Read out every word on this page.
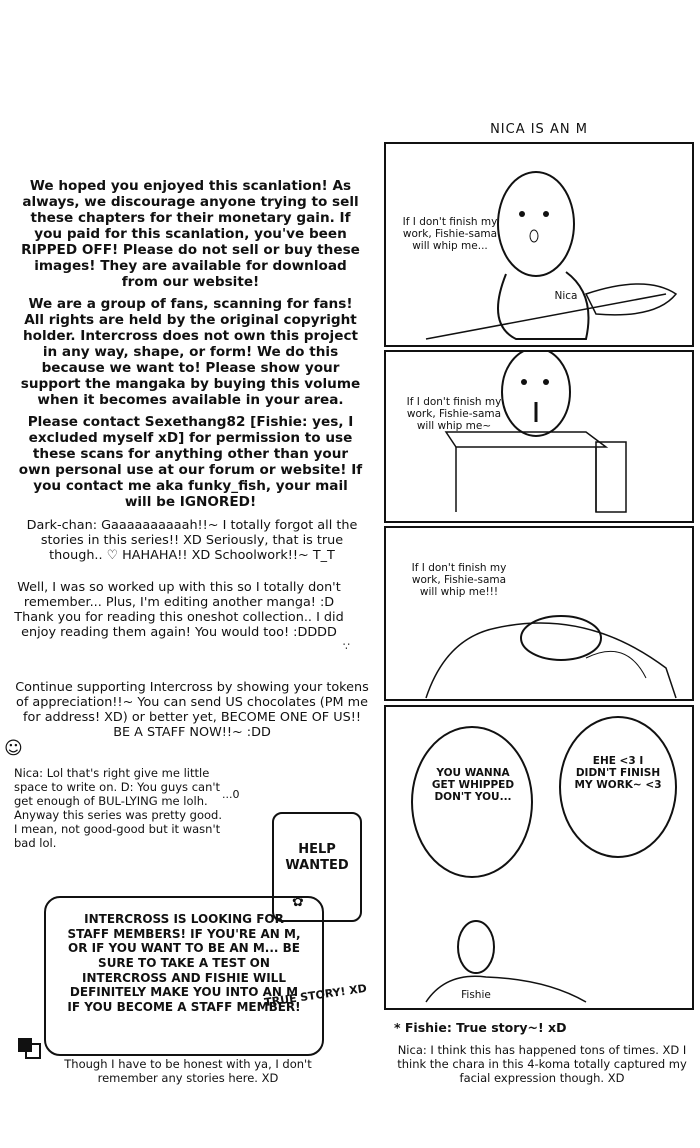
We hoped you enjoyed this scanlation! As always, we discourage anyone trying to sell these chapters for their monetary gain. If you paid for this scanlation, you've been RIPPED OFF! Please do not sell or buy these images! They are available for download from our website!
We are a group of fans, scanning for fans! All rights are held by the original copyright holder. Intercross does not own this project in any way, shape, or form! We do this because we want to! Please show your support the mangaka by buying this volume when it becomes available in your area.
Please contact Sexethang82 [Fishie: yes, I excluded myself xD] for permission to use these scans for anything other than your own personal use at our forum or website! If you contact me aka funky_fish, your mail will be IGNORED!
Dark-chan: Gaaaaaaaaaah!!~ I totally forgot all the stories in this series!! XD Seriously, that is true though.. ♡ HAHAHA!! XD Schoolwork!!~ T_T
Well, I was so worked up with this so I totally don't remember... Plus, I'm editing another manga! :D Thank you for reading this oneshot collection.. I did enjoy reading them again! You would too! :DDDD
∵
Continue supporting Intercross by showing your tokens of appreciation!!~ You can send US chocolates (PM me for address! XD) or better yet, BECOME ONE OF US!! BE A STAFF NOW!!~ :DD
☺
Nica: Lol that's right give me little space to write on. D: You guys can't get enough of BUL-LYING me lolh. Anyway this series was pretty good. I mean, not good-good but it wasn't bad lol.
...0
HELP WANTED
✿
INTERCROSS IS LOOKING FOR STAFF MEMBERS! IF YOU'RE AN M, OR IF YOU WANT TO BE AN M... BE SURE TO TAKE A TEST ON INTERCROSS AND FISHIE WILL DEFINITELY MAKE YOU INTO AN M IF YOU BECOME A STAFF MEMBER!
TRUE STORY! XD
Though I have to be honest with ya, I don't remember any stories here. XD
NICA IS AN M
If I don't finish my work, Fishie-sama will whip me...
Nica
If I don't finish my work, Fishie-sama will whip me~
If I don't finish my work, Fishie-sama will whip me!!!
YOU WANNA GET WHIPPED DON'T YOU...
EHE <3 I DIDN'T FINISH MY WORK~ <3
Fishie
* Fishie: True story~! xD
Nica: I think this has happened tons of times. XD I think the chara in this 4-koma totally captured my facial expression though. XD
